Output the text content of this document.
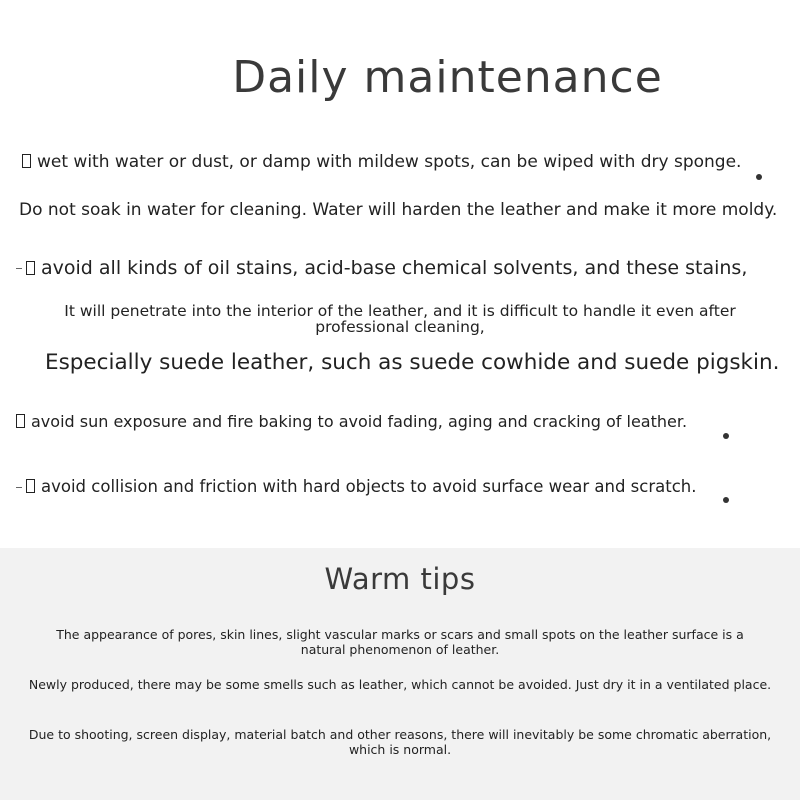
Daily maintenance
wet with water or dust, or damp with mildew spots, can be wiped with dry sponge.
Do not soak in water for cleaning. Water will harden the leather and make it more moldy.
avoid all kinds of oil stains, acid-base chemical solvents, and these stains,
It will penetrate into the interior of the leather, and it is difficult to handle it even after professional cleaning,
Especially suede leather, such as suede cowhide and suede pigskin.
avoid sun exposure and fire baking to avoid fading, aging and cracking of leather.
avoid collision and friction with hard objects to avoid surface wear and scratch.
Warm tips
The appearance of pores, skin lines, slight vascular marks or scars and small spots on the leather surface is a natural phenomenon of leather.
Newly produced, there may be some smells such as leather, which cannot be avoided. Just dry it in a ventilated place.
Due to shooting, screen display, material batch and other reasons, there will inevitably be some chromatic aberration, which is normal.
